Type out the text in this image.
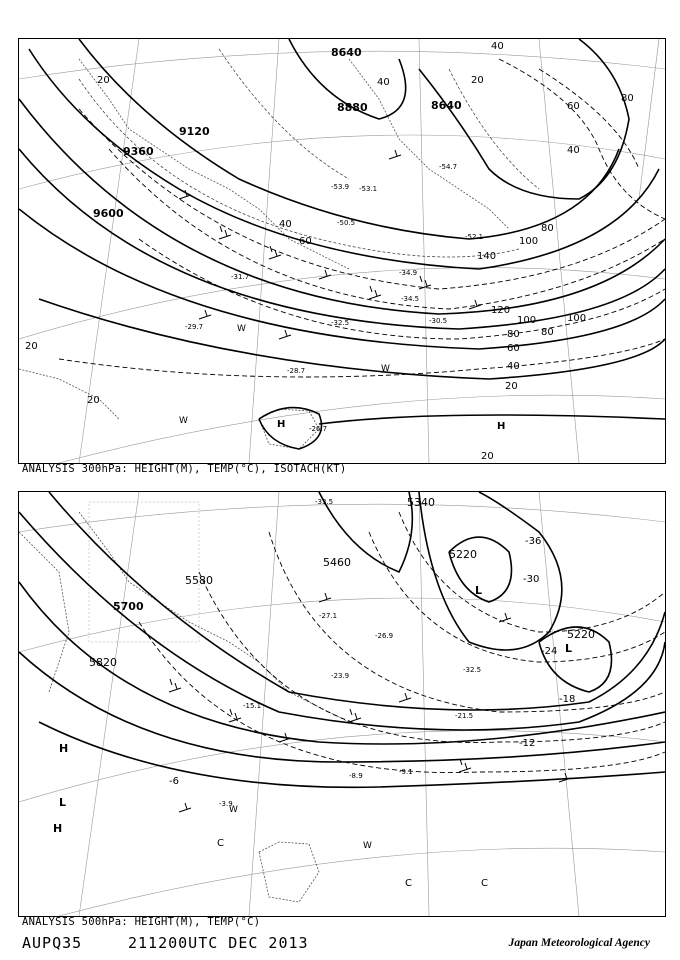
8640
8880	8640
9120
9360
9600
20	40	20
40
60
80
40
140
120
100
80
60
40
20
20
20
20
40
60
80
100
100
80
-53.9 -53.1
-50.5
-54.7
-52.1
-34.9
-34.5
-32.5	-30.5
-31.7
-29.7
-28.7
-26.7
H	H
W
W
W
ANALYSIS 300hPa: HEIGHT(M), TEMP(°C), ISOTACH(KT)
5340
5460
5580
5220
5220
5700
5820
-30
-36
-24
-18
-12
-6
-33.5
-27.1
-26.9
-23.9
-32.5
-21.5
-15.1
-9.1
-8.9
-3.9
L
L
H
L
H
W
W
C
C	C
ANALYSIS 500hPa: HEIGHT(M), TEMP(°C)
AUPQ35	211200UTC DEC 2013	Japan Meteorological Agency
